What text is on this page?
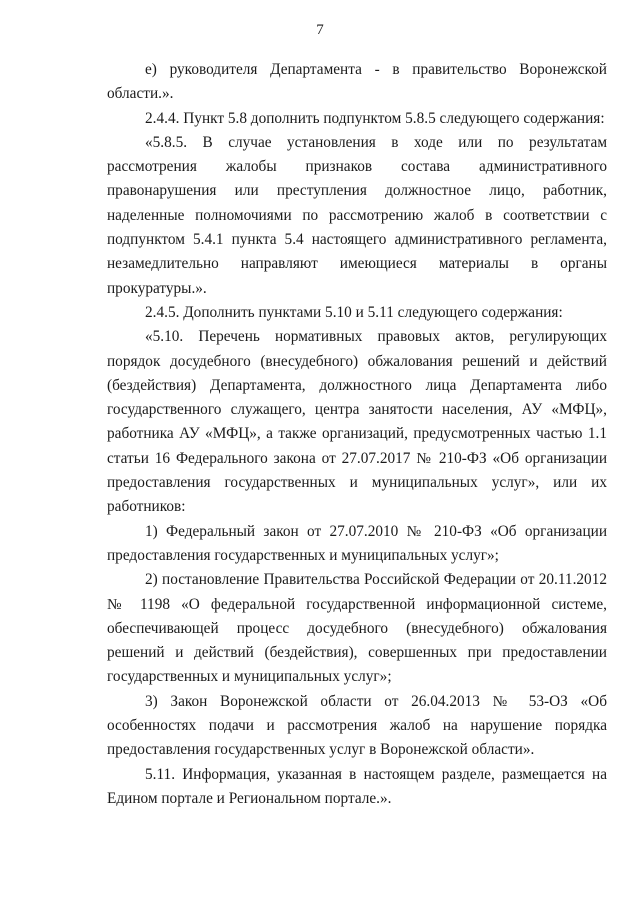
7

е) руководителя Департамента - в правительство Воронежской области.».

2.4.4. Пункт 5.8 дополнить подпунктом 5.8.5 следующего содержания:

«5.8.5. В случае установления в ходе или по результатам рассмотрения жалобы признаков состава административного правонарушения или преступления должностное лицо, работник, наделенные полномочиями по рассмотрению жалоб в соответствии с подпунктом 5.4.1 пункта 5.4 настоящего административного регламента, незамедлительно направляют имеющиеся материалы в органы прокуратуры.».

2.4.5. Дополнить пунктами 5.10 и 5.11 следующего содержания:

«5.10. Перечень нормативных правовых актов, регулирующих порядок досудебного (внесудебного) обжалования решений и действий (бездействия) Департамента, должностного лица Департамента либо государственного служащего, центра занятости населения, АУ «МФЦ», работника АУ «МФЦ», а также организаций, предусмотренных частью 1.1 статьи 16 Федерального закона от 27.07.2017 № 210-ФЗ «Об организации предоставления государственных и муниципальных услуг», или их работников:

1) Федеральный закон от 27.07.2010 № 210-ФЗ «Об организации предоставления государственных и муниципальных услуг»;

2) постановление Правительства Российской Федерации от 20.11.2012 № 1198 «О федеральной государственной информационной системе, обеспечивающей процесс досудебного (внесудебного) обжалования решений и действий (бездействия), совершенных при предоставлении государственных и муниципальных услуг»;

3) Закон Воронежской области от 26.04.2013 № 53-ОЗ «Об особенностях подачи и рассмотрения жалоб на нарушение порядка предоставления государственных услуг в Воронежской области».

5.11. Информация, указанная в настоящем разделе, размещается на Едином портале и Региональном портале.».
